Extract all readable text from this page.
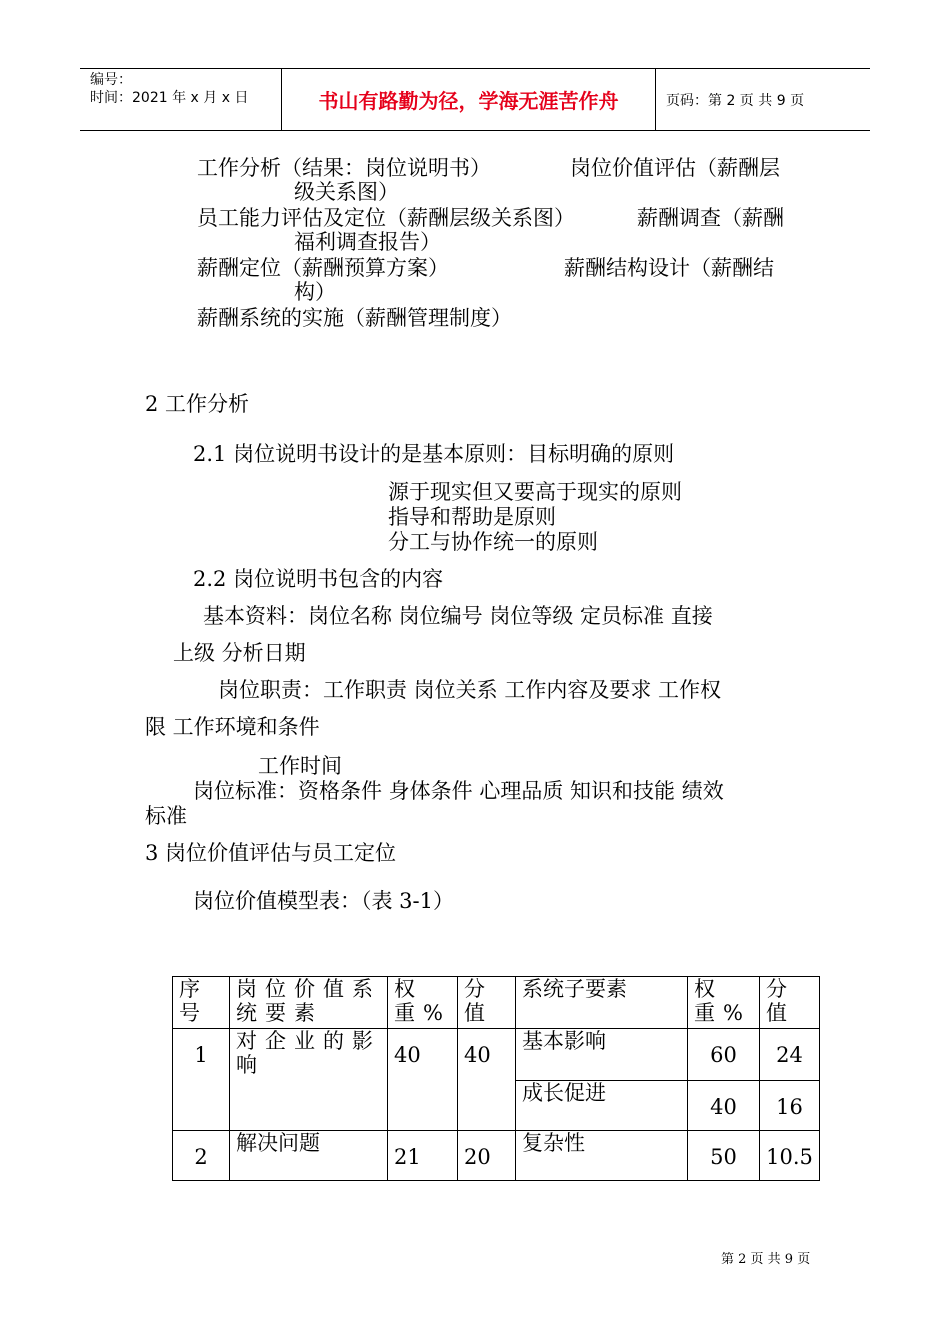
编号：
时间：2021 年 x 月 x 日	书山有路勤为径，学海无涯苦作舟	页码：第 2 页 共 9 页
工作分析（结果：岗位说明书）	岗位价值评估（薪酬层
级关系图）
员工能力评估及定位（薪酬层级关系图）	薪酬调查（薪酬
福利调查报告）
薪酬定位（薪酬预算方案）	薪酬结构设计（薪酬结
构）
薪酬系统的实施（薪酬管理制度）
2 工作分析
2.1 岗位说明书设计的是基本原则：目标明确的原则
源于现实但又要高于现实的原则
指导和帮助是原则
分工与协作统一的原则
2.2 岗位说明书包含的内容
基本资料：岗位名称 岗位编号 岗位等级 定员标准 直接
上级 分析日期
岗位职责：工作职责 岗位关系 工作内容及要求 工作权
限 工作环境和条件
工作时间
岗位标准：资格条件 身体条件 心理品质 知识和技能 绩效
标准
3 岗位价值评估与员工定位
岗位价值模型表：（表 3-1）
序号	岗位价值系统要素	权重%	分值	系统子要素	权重%	分值

1	对企业的影响	40	40	基本影响	60	24
				成长促进	40	16
2	解决问题	21	20	复杂性	50	10.5
第 2 页 共 9 页
